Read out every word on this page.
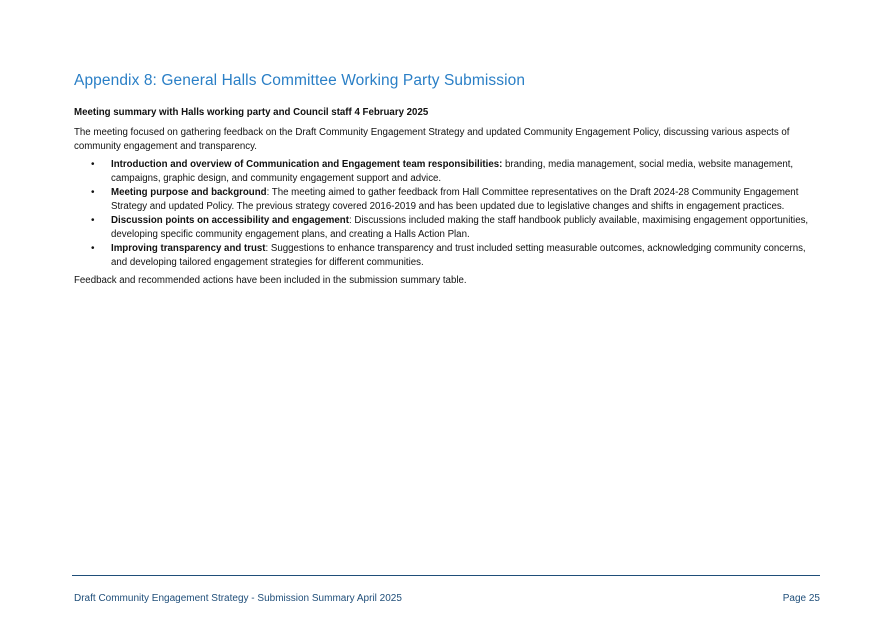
Appendix 8: General Halls Committee Working Party Submission

Meeting summary with Halls working party and Council staff 4 February 2025

The meeting focused on gathering feedback on the Draft Community Engagement Strategy and updated Community Engagement Policy, discussing various aspects of community engagement and transparency.

• Introduction and overview of Communication and Engagement team responsibilities: branding, media management, social media, website management, campaigns, graphic design, and community engagement support and advice.
• Meeting purpose and background: The meeting aimed to gather feedback from Hall Committee representatives on the Draft 2024-28 Community Engagement Strategy and updated Policy. The previous strategy covered 2016-2019 and has been updated due to legislative changes and shifts in engagement practices.
• Discussion points on accessibility and engagement: Discussions included making the staff handbook publicly available, maximising engagement opportunities, developing specific community engagement plans, and creating a Halls Action Plan.
• Improving transparency and trust: Suggestions to enhance transparency and trust included setting measurable outcomes, acknowledging community concerns, and developing tailored engagement strategies for different communities.

Feedback and recommended actions have been included in the submission summary table.

Draft Community Engagement Strategy - Submission Summary April 2025	Page 25
